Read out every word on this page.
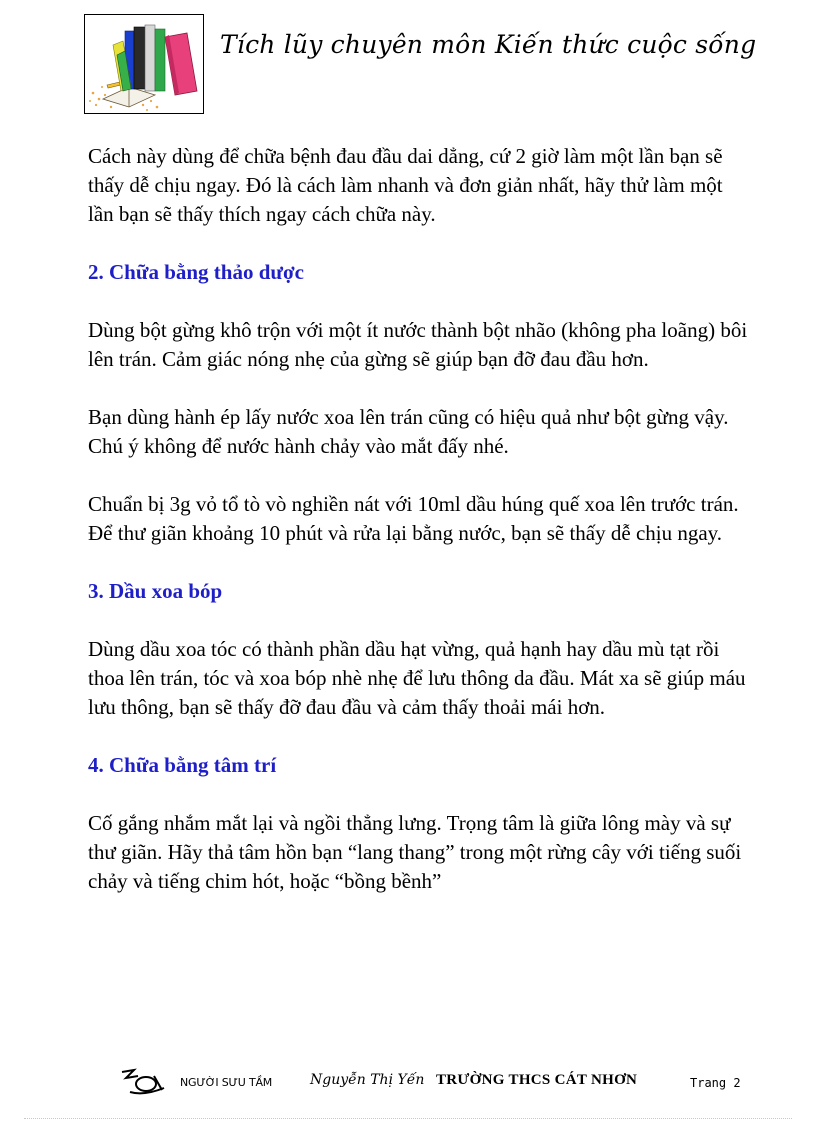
Tích lũy chuyên môn Kiến thức cuộc sống

Cách này dùng để chữa bệnh đau đầu dai dẳng, cứ 2 giờ làm một lần bạn sẽ thấy dễ chịu ngay. Đó là cách làm nhanh và đơn giản nhất, hãy thử làm một lần bạn sẽ thấy thích ngay cách chữa này.

2. Chữa bằng thảo dược

Dùng bột gừng khô trộn với một ít nước thành bột nhão (không pha loãng) bôi lên trán. Cảm giác nóng nhẹ của gừng sẽ giúp bạn đỡ đau đầu hơn.

Bạn dùng hành ép lấy nước xoa lên trán cũng có hiệu quả như bột gừng vậy. Chú ý không để nước hành chảy vào mắt đấy nhé.

Chuẩn bị 3g vỏ tổ tò vò nghiền nát với 10ml dầu húng quế xoa lên trước trán. Để thư giãn khoảng 10 phút và rửa lại bằng nước, bạn sẽ thấy dễ chịu ngay.

3. Dầu xoa bóp

Dùng dầu xoa tóc có thành phần dầu hạt vừng, quả hạnh hay dầu mù tạt rồi thoa lên trán, tóc và xoa bóp nhè nhẹ để lưu thông da đầu. Mát xa sẽ giúp máu lưu thông, bạn sẽ thấy đỡ đau đầu và cảm thấy thoải mái hơn.

4. Chữa bằng tâm trí

Cố gắng nhắm mắt lại và ngồi thẳng lưng. Trọng tâm là giữa lông mày và sự thư giãn. Hãy thả tâm hồn bạn “lang thang” trong một rừng cây với tiếng suối chảy và tiếng chim hót, hoặc “bồng bềnh”

NGƯỜI SƯU TẦM	Nguyễn Thị Yến TRƯỜNG THCS CÁT NHƠN	Trang 2
